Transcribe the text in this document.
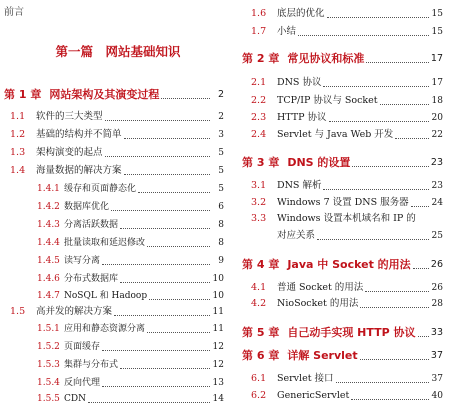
前言
第一篇　网站基础知识
第 1 章 网站架构及其演变过程	2
1.1	软件的三大类型	2
1.2	基础的结构并不简单	3
1.3	架构演变的起点	5
1.4	海量数据的解决方案	5
1.4.1 缓存和页面静态化	5
1.4.2 数据库优化	6
1.4.3 分离活跃数据	8
1.4.4 批量读取和延迟修改	8
1.4.5 读写分离	9
1.4.6 分布式数据库	10
1.4.7 NoSQL 和 Hadoop	10
1.5	高并发的解决方案	11
1.5.1 应用和静态资源分离	11
1.5.2 页面缓存	12
1.5.3 集群与分布式	12
1.5.4 反向代理	13
1.5.5 CDN	14
1.6	底层的优化	15
1.7	小结	15
第 2 章 常见协议和标准	17
2.1	DNS 协议	17
2.2	TCP/IP 协议与 Socket	18
2.3	HTTP 协议	20
2.4	Servlet 与 Java Web 开发	22
第 3 章 DNS 的设置	23
3.1	DNS 解析	23
3.2	Windows 7 设置 DNS 服务器	24
3.3	Windows 设置本机域名和 IP 的
对应关系	25
第 4 章 Java 中 Socket 的用法 26
4.1	普通 Socket 的用法	26
4.2	NioSocket 的用法	28
第 5 章 自己动手实现 HTTP 协议 33
第 6 章 详解 Servlet	37
6.1	Servlet 接口	37
6.2	GenericServlet	40
